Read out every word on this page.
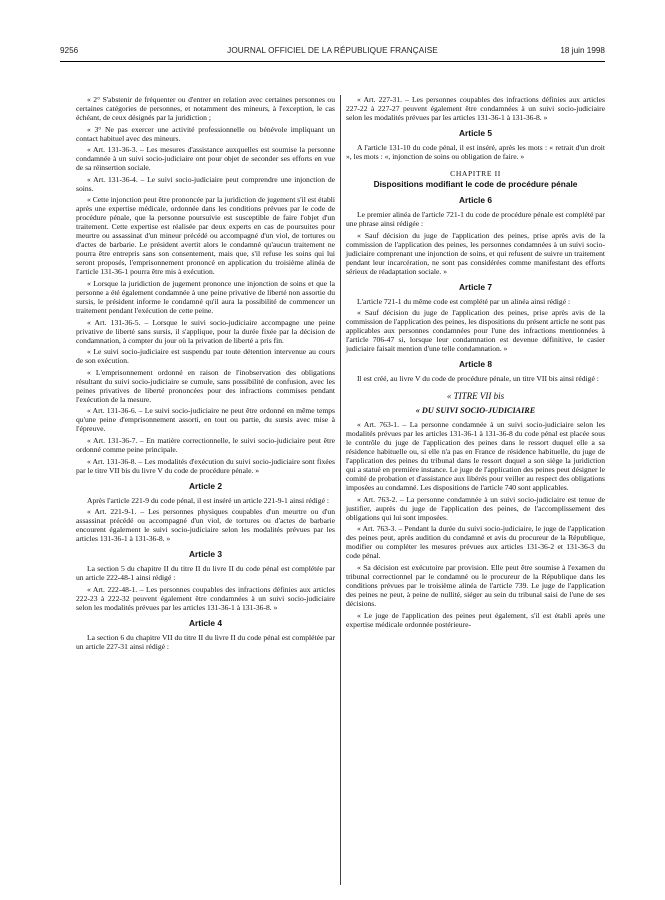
9256	JOURNAL OFFICIEL DE LA RÉPUBLIQUE FRANÇAISE	18 juin 1998

« 2° S'abstenir de fréquenter ou d'entrer en relation avec certaines personnes ou certaines catégories de personnes, et notamment des mineurs, à l'exception, le cas échéant, de ceux désignés par la juridiction ;

« 3° Ne pas exercer une activité professionnelle ou bénévole impliquant un contact habituel avec des mineurs.

« Art. 131-36-3. – Les mesures d'assistance auxquelles est soumise la personne condamnée à un suivi socio-judiciaire ont pour objet de seconder ses efforts en vue de sa réinsertion sociale.

« Art. 131-36-4. – Le suivi socio-judiciaire peut comprendre une injonction de soins.

« Cette injonction peut être prononcée par la juridiction de jugement s'il est établi après une expertise médicale, ordonnée dans les conditions prévues par le code de procédure pénale, que la personne poursuivie est susceptible de faire l'objet d'un traitement. Cette expertise est réalisée par deux experts en cas de poursuites pour meurtre ou assassinat d'un mineur précédé ou accompagné d'un viol, de tortures ou d'actes de barbarie. Le président avertit alors le condamné qu'aucun traitement ne pourra être entrepris sans son consentement, mais que, s'il refuse les soins qui lui seront proposés, l'emprisonnement prononcé en application du troisième alinéa de l'article 131-36-1 pourra être mis à exécution.

« Lorsque la juridiction de jugement prononce une injonction de soins et que la personne a été également condamnée à une peine privative de liberté non assortie du sursis, le président informe le condamné qu'il aura la possibilité de commencer un traitement pendant l'exécution de cette peine.

« Art. 131-36-5. – Lorsque le suivi socio-judiciaire accompagne une peine privative de liberté sans sursis, il s'applique, pour la durée fixée par la décision de condamnation, à compter du jour où la privation de liberté a pris fin.

« Le suivi socio-judiciaire est suspendu par toute détention intervenue au cours de son exécution.

« L'emprisonnement ordonné en raison de l'inobservation des obligations résultant du suivi socio-judiciaire se cumule, sans possibilité de confusion, avec les peines privatives de liberté prononcées pour des infractions commises pendant l'exécution de la mesure.

« Art. 131-36-6. – Le suivi socio-judiciaire ne peut être ordonné en même temps qu'une peine d'emprisonnement assorti, en tout ou partie, du sursis avec mise à l'épreuve.

« Art. 131-36-7. – En matière correctionnelle, le suivi socio-judiciaire peut être ordonné comme peine principale.

« Art. 131-36-8. – Les modalités d'exécution du suivi socio-judiciaire sont fixées par le titre VII bis du livre V du code de procédure pénale. »

Article 2

Après l'article 221-9 du code pénal, il est inséré un article 221-9-1 ainsi rédigé :

« Art. 221-9-1. – Les personnes physiques coupables d'un meurtre ou d'un assassinat précédé ou accompagné d'un viol, de tortures ou d'actes de barbarie encourent également le suivi socio-judiciaire selon les modalités prévues par les articles 131-36-1 à 131-36-8. »

Article 3

La section 5 du chapitre II du titre II du livre II du code pénal est complétée par un article 222-48-1 ainsi rédigé :

« Art. 222-48-1. – Les personnes coupables des infractions définies aux articles 222-23 à 222-32 peuvent également être condamnées à un suivi socio-judiciaire selon les modalités prévues par les articles 131-36-1 à 131-36-8. »

Article 4

La section 6 du chapitre VII du titre II du livre II du code pénal est complétée par un article 227-31 ainsi rédigé :

« Art. 227-31. – Les personnes coupables des infractions définies aux articles 227-22 à 227-27 peuvent également être condamnées à un suivi socio-judiciaire selon les modalités prévues par les articles 131-36-1 à 131-36-8. »

Article 5

A l'article 131-10 du code pénal, il est inséré, après les mots : « retrait d'un droit », les mots : «, injonction de soins ou obligation de faire. »

CHAPITRE II

Dispositions modifiant le code de procédure pénale

Article 6

Le premier alinéa de l'article 721-1 du code de procédure pénale est complété par une phrase ainsi rédigée :

« Sauf décision du juge de l'application des peines, prise après avis de la commission de l'application des peines, les personnes condamnées à un suivi socio-judiciaire comprenant une injonction de soins, et qui refusent de suivre un traitement pendant leur incarcération, ne sont pas considérées comme manifestant des efforts sérieux de réadaptation sociale. »

Article 7

L'article 721-1 du même code est complété par un alinéa ainsi rédigé :

« Sauf décision du juge de l'application des peines, prise après avis de la commission de l'application des peines, les dispositions du présent article ne sont pas applicables aux personnes condamnées pour l'une des infractions mentionnées à l'article 706-47 si, lorsque leur condamnation est devenue définitive, le casier judiciaire faisait mention d'une telle condamnation. »

Article 8

Il est créé, au livre V du code de procédure pénale, un titre VII bis ainsi rédigé :

« TITRE VII bis

« DU SUIVI SOCIO-JUDICIAIRE

« Art. 763-1. – La personne condamnée à un suivi socio-judiciaire selon les modalités prévues par les articles 131-36-1 à 131-36-8 du code pénal est placée sous le contrôle du juge de l'application des peines dans le ressort duquel elle a sa résidence habituelle ou, si elle n'a pas en France de résidence habituelle, du juge de l'application des peines du tribunal dans le ressort duquel a son siège la juridiction qui a statué en première instance. Le juge de l'application des peines peut désigner le comité de probation et d'assistance aux libérés pour veiller au respect des obligations imposées au condamné. Les dispositions de l'article 740 sont applicables.

« Art. 763-2. – La personne condamnée à un suivi socio-judiciaire est tenue de justifier, auprès du juge de l'application des peines, de l'accomplissement des obligations qui lui sont imposées.

« Art. 763-3. – Pendant la durée du suivi socio-judiciaire, le juge de l'application des peines peut, après audition du condamné et avis du procureur de la République, modifier ou compléter les mesures prévues aux articles 131-36-2 et 131-36-3 du code pénal.

« Sa décision est exécutoire par provision. Elle peut être soumise à l'examen du tribunal correctionnel par le condamné ou le procureur de la République dans les conditions prévues par le troisième alinéa de l'article 739. Le juge de l'application des peines ne peut, à peine de nullité, siéger au sein du tribunal saisi de l'une de ses décisions.

« Le juge de l'application des peines peut également, s'il est établi après une expertise médicale ordonnée postérieure-
